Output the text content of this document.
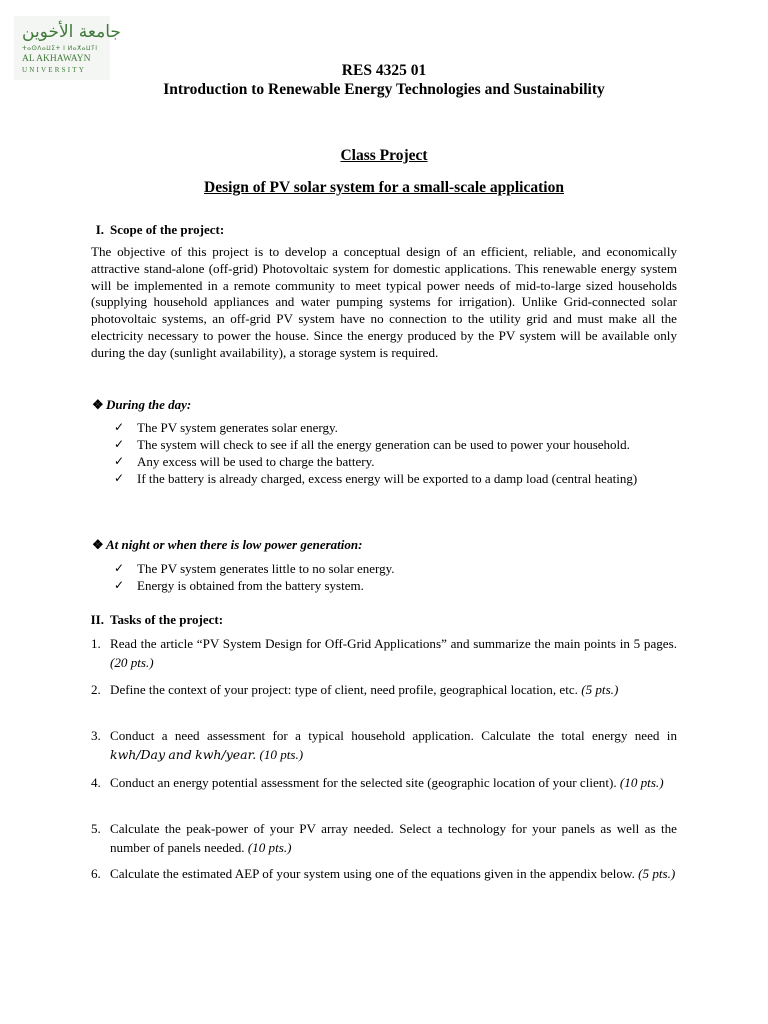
جامعة الأخوين
ⵜⴰⵙⴷⴰⵡⵉⵜ ⵏ ⵍⴰⵅⴰⵡⵢⵏ
AL AKHAWAYN
UNIVERSITY	RES 4325 01
Introduction to Renewable Energy Technologies and Sustainability
Class Project
Design of PV solar system for a small-scale application
I. Scope of the project:
The objective of this project is to develop a conceptual design of an efficient, reliable, and economically attractive stand-alone (off-grid) Photovoltaic system for domestic applications. This renewable energy system will be implemented in a remote community to meet typical power needs of mid-to-large sized households (supplying household appliances and water pumping systems for irrigation). Unlike Grid-connected solar photovoltaic systems, an off-grid PV system have no connection to the utility grid and must make all the electricity necessary to power the house. Since the energy produced by the PV system will be available only during the day (sunlight availability), a storage system is required.
❖ During the day:
✓ The PV system generates solar energy.
✓ The system will check to see if all the energy generation can be used to power your household.
✓ Any excess will be used to charge the battery.
✓ If the battery is already charged, excess energy will be exported to a damp load (central heating)
❖ At night or when there is low power generation:
✓ The PV system generates little to no solar energy.
✓ Energy is obtained from the battery system.
II. Tasks of the project:
1. Read the article “PV System Design for Off-Grid Applications” and summarize the main points in 5 pages. (20 pts.)
2. Define the context of your project: type of client, need profile, geographical location, etc. (5 pts.)
3. Conduct a need assessment for a typical household application. Calculate the total energy need in kwh/Day and kwh/year. (10 pts.)
4. Conduct an energy potential assessment for the selected site (geographic location of your client). (10 pts.)
5. Calculate the peak-power of your PV array needed. Select a technology for your panels as well as the number of panels needed. (10 pts.)
6. Calculate the estimated AEP of your system using one of the equations given in the appendix below. (5 pts.)
